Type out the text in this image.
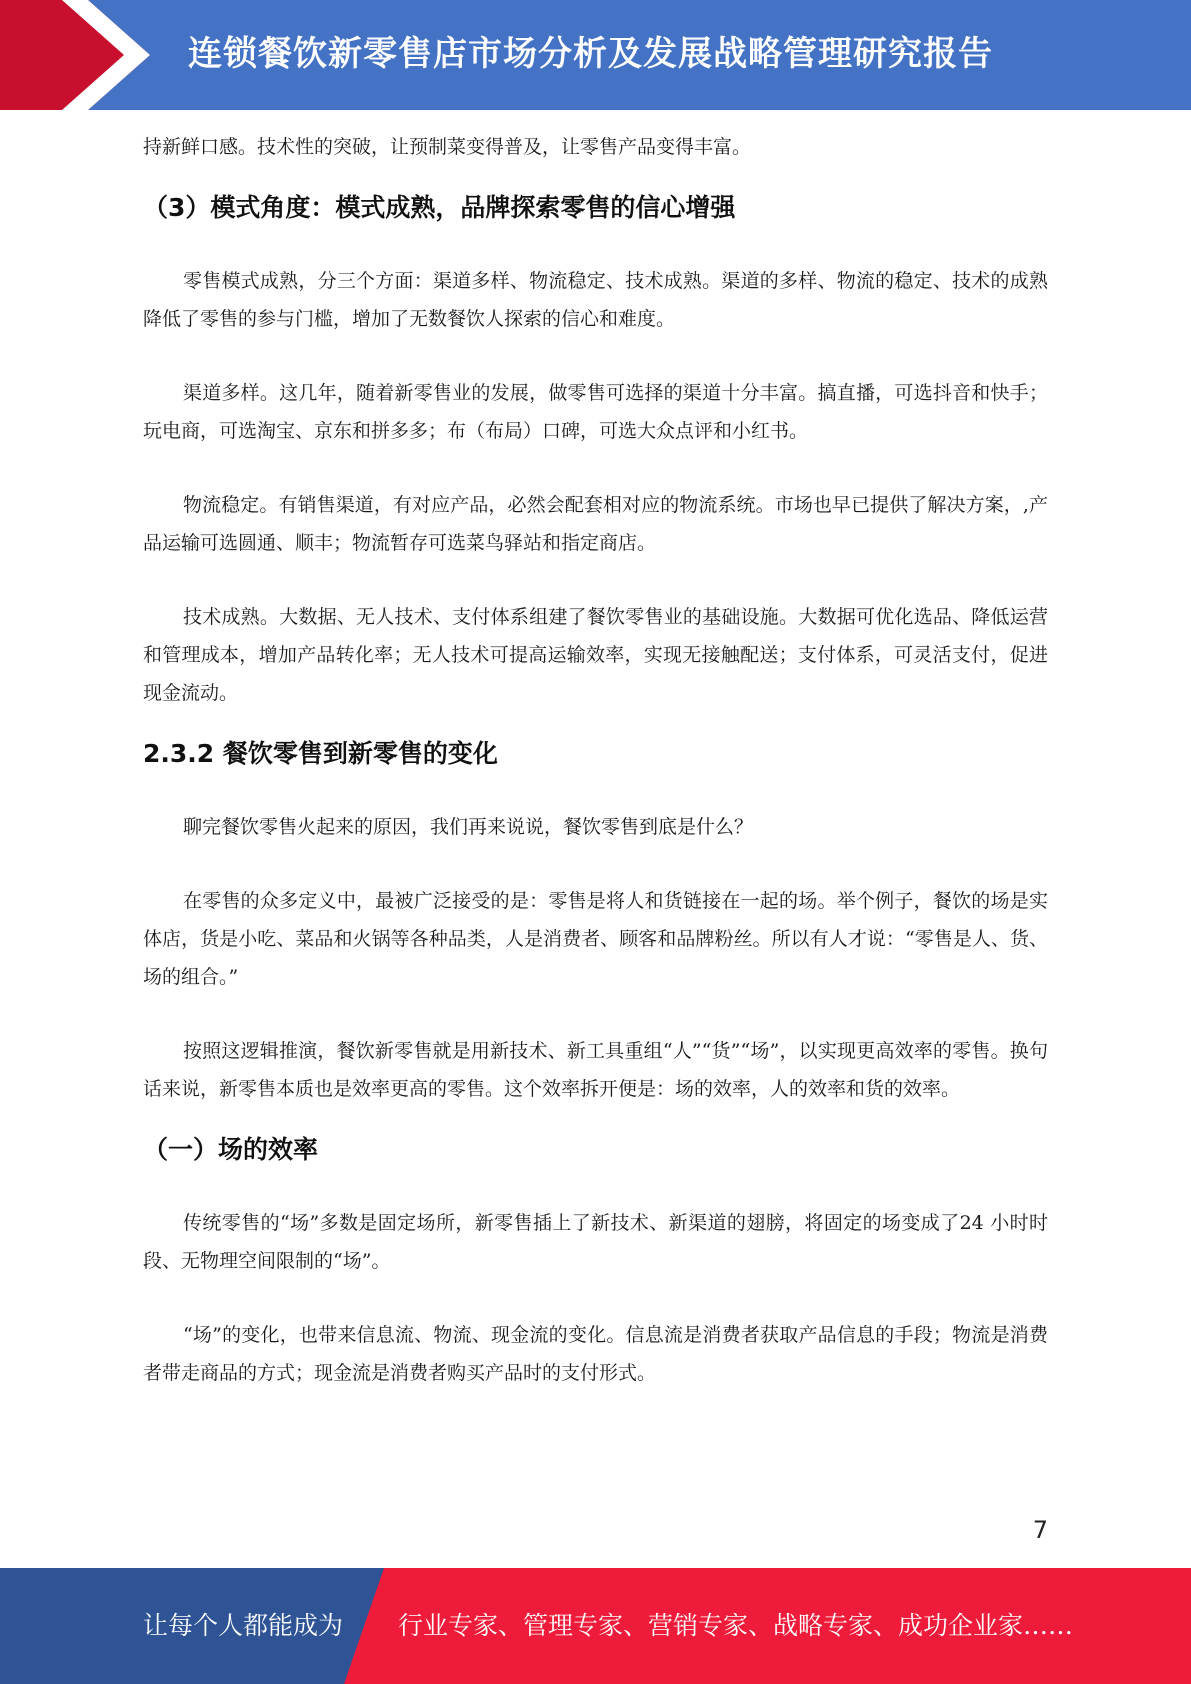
连锁餐饮新零售店市场分析及发展战略管理研究报告

持新鲜口感。技术性的突破，让预制菜变得普及，让零售产品变得丰富。

（3）模式角度：模式成熟，品牌探索零售的信心增强

零售模式成熟，分三个方面：渠道多样、物流稳定、技术成熟。渠道的多样、物流的稳定、技术的成熟降低了零售的参与门槛，增加了无数餐饮人探索的信心和难度。

渠道多样。这几年，随着新零售业的发展，做零售可选择的渠道十分丰富。搞直播，可选抖音和快手；玩电商，可选淘宝、京东和拼多多；布（布局）口碑，可选大众点评和小红书。

物流稳定。有销售渠道，有对应产品，必然会配套相对应的物流系统。市场也早已提供了解决方案，,产品运输可选圆通、顺丰；物流暂存可选菜鸟驿站和指定商店。

技术成熟。大数据、无人技术、支付体系组建了餐饮零售业的基础设施。大数据可优化选品、降低运营和管理成本，增加产品转化率；无人技术可提高运输效率，实现无接触配送；支付体系，可灵活支付，促进现金流动。

2.3.2 餐饮零售到新零售的变化

聊完餐饮零售火起来的原因，我们再来说说，餐饮零售到底是什么？

在零售的众多定义中，最被广泛接受的是：零售是将人和货链接在一起的场。举个例子，餐饮的场是实体店，货是小吃、菜品和火锅等各种品类，人是消费者、顾客和品牌粉丝。所以有人才说：“零售是人、货、场的组合。”

按照这逻辑推演，餐饮新零售就是用新技术、新工具重组“人”“货”“场”，以实现更高效率的零售。换句话来说，新零售本质也是效率更高的零售。这个效率拆开便是：场的效率，人的效率和货的效率。

（一）场的效率

传统零售的“场”多数是固定场所，新零售插上了新技术、新渠道的翅膀，将固定的场变成了24 小时时段、无物理空间限制的“场”。

“场”的变化，也带来信息流、物流、现金流的变化。信息流是消费者获取产品信息的手段；物流是消费者带走商品的方式；现金流是消费者购买产品时的支付形式。

7
让每个人都能成为 行业专家、管理专家、营销专家、战略专家、成功企业家……
